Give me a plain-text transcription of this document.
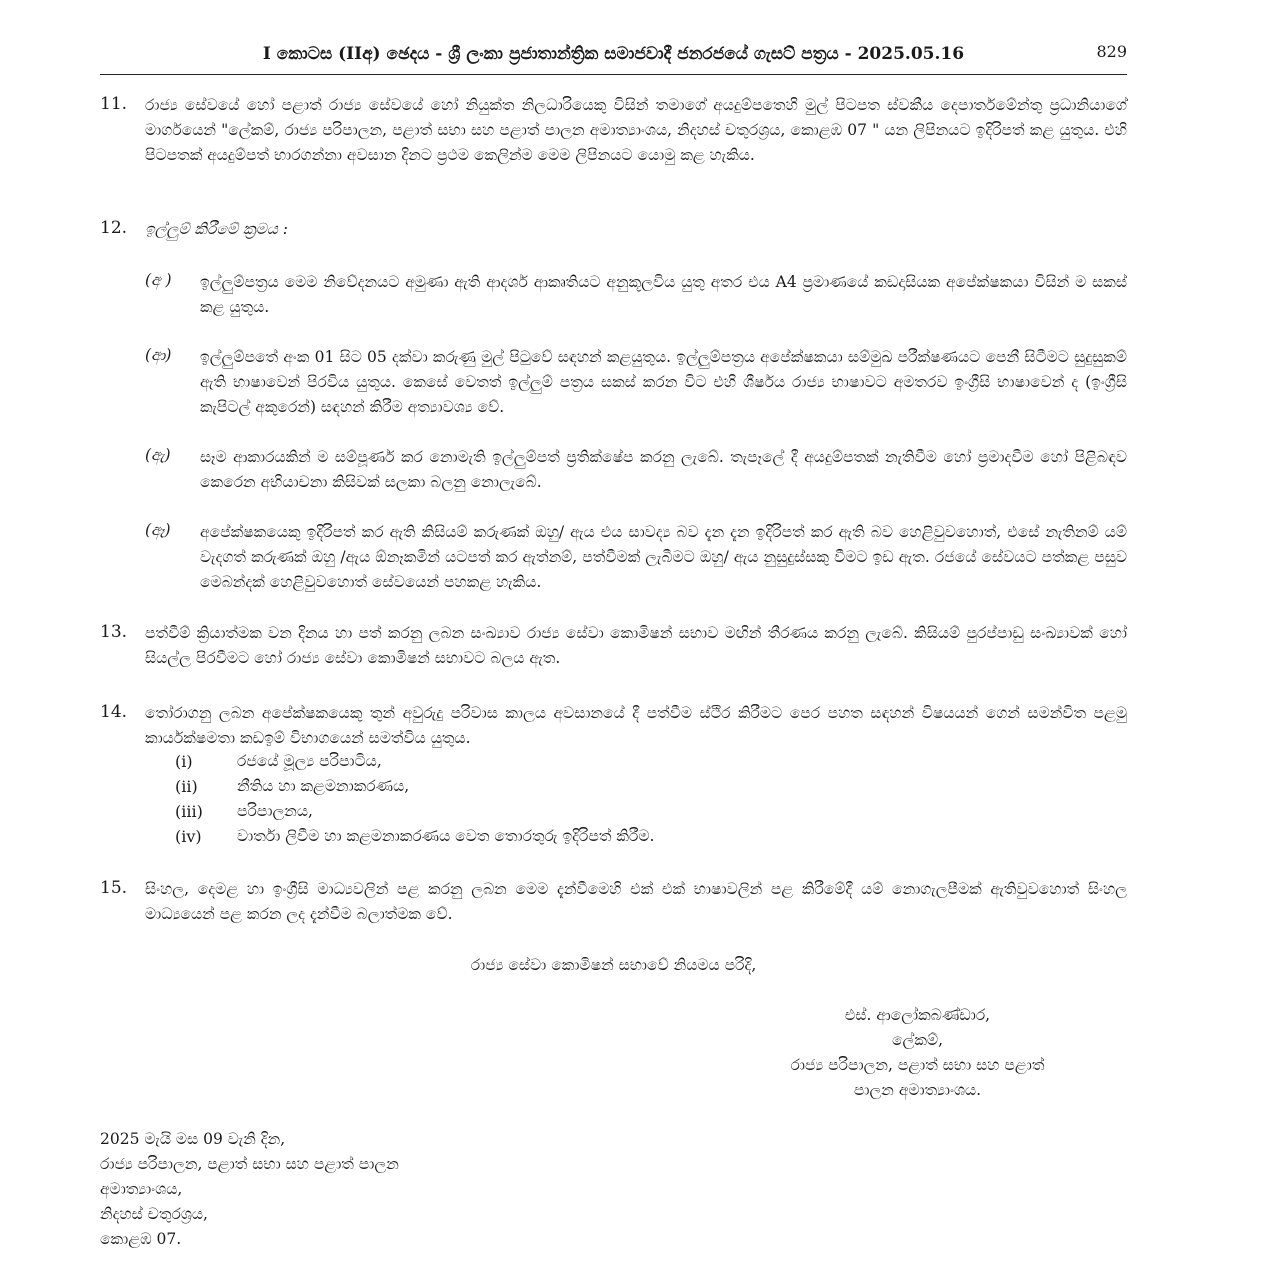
I කොටස (IIඅ) ඡෙදය - ශ්‍රී ලංකා ප්‍රජාතාන්ත්‍රික සමාජවාදී ජනරජයේ ගැසට් පත්‍රය - 2025.05.16	829
11. රාජ්‍ය සේවයේ හෝ පළාත් රාජ්‍ය සේවයේ හෝ නියුක්ත නිලධාරියෙකු විසින් තමාගේ අයදුම්පතෙහි මුල් පිටපත ස්වකීය දෙපාර්තමේන්තු ප්‍රධානියාගේ මාර්ගයෙන් "ලේකම්, රාජ්‍ය පරිපාලන, පළාත් සභා සහ පළාත් පාලන අමාත්‍යාංශය, නිදහස් චතුරශ්‍රය, කොළඹ 07 " යන ලිපිනයට ඉදිරිපත් කළ යුතුය. එහි පිටපතක් අයදුම්පත් භාරගන්නා අවසාන දිනට ප්‍රථම කෙලින්ම මෙම ලිපිනයට යොමු කළ හැකිය.
12. ඉල්ලුම් කිරීමේ ක්‍රමය :
(අ ) ඉල්ලුම්පත්‍රය මෙම නිවේදනයට අමුණා ඇති ආදර්ශ ආකෘතියට අනුකූලවිය යුතු අතර එය A4 ප්‍රමාණයේ කඩදාසියක අපේක්ෂකයා විසින් ම සකස් කළ යුතුය.
(ආ) ඉල්ලුම්පතේ අංක 01 සිට 05 දක්වා කරුණු මුල් පිටුවේ සඳහන් කළයුතුය. ඉල්ලුම්පත්‍රය අපේක්ෂකයා සම්මුඛ පරීක්ෂණයට පෙනී සිටීමට සුදුසුකම් ඇති භාෂාවෙන් පිරවිය යුතුය. කෙසේ වෙතත් ඉල්ලුම් පත්‍රය සකස් කරන විට එහි ශීර්ෂය රාජ්‍ය භාෂාවට අමතරව ඉංග්‍රීසි භාෂාවෙන් ද (ඉංග්‍රීසි කැපිටල් අකුරෙන්) සඳහන් කිරීම අත්‍යාවශ්‍ය වේ.
(ඇ) සෑම ආකාරයකින් ම සම්පූර්ණ කර නොමැති ඉල්ලුම්පත් ප්‍රතික්ෂේප කරනු ලැබේ. තැපෑලේ දී අයදුම්පතක් නැතිවීම හෝ ප්‍රමාදවීම හෝ පිළිබඳව කෙරෙන අභියාචනා කිසිවක් සලකා බලනු නොලැබේ.
(ඈ) අපේක්ෂකයෙකු ඉදිරිපත් කර ඇති කිසියම් කරුණක් ඔහු/ ඇය එය සාවද්‍ය බව දැන දැන ඉදිරිපත් කර ඇති බව හෙළිවුවහොත්, එසේ නැතිනම් යම් වැදගත් කරුණක් ඔහු /ඇය ඕනෑකමින් යටපත් කර ඇත්නම්, පත්වීමක් ලැබීමට ඔහු/ ඇය නුසුදුස්සකු වීමට ඉඩ ඇත. රජයේ සේවයට පත්කළ පසුව මෙබන්දක් හෙළිවුවහොත් සේවයෙන් පහකළ හැකිය.
13. පත්වීම් ක්‍රියාත්මක වන දිනය හා පත් කරනු ලබන සංඛ්‍යාව රාජ්‍ය සේවා කොමිෂන් සභාව මඟින් තීරණය කරනු ලැබේ. කිසියම් පුරප්පාඩු සංඛ්‍යාවක් හෝ සියල්ල පිරවීමට හෝ රාජ්‍ය සේවා කොමිෂන් සභාවට බලය ඇත.
14. තෝරාගනු ලබන අපේක්ෂකයෙකු තුන් අවුරුදු පරිවාස කාලය අවසානයේ දී පත්වීම ස්ථිර කිරීමට පෙර පහත සඳහන් විෂයයන් ගෙන් සමන්විත පළමු කාර්යක්ෂමතා කඩඉම් විභාගයෙන් සමත්විය යුතුය.
(i)	රජයේ මූල්‍ය පරිපාටිය,
(ii)	නීතිය හා කළමනාකරණය,
(iii) පරිපාලනය,
(iv) වාර්තා ලිවීම හා කළමනාකරණය වෙත තොරතුරු ඉදිරිපත් කිරීම.
15. සිංහල, දෙමළ හා ඉංග්‍රීසි මාධ්‍යවලින් පළ කරනු ලබන මෙම දැන්වීමෙහි එක් එක් භාෂාවලින් පළ කිරීමේදී යම් නොගැලපීමක් ඇතිවුවහොත් සිංහල මාධ්‍යයෙන් පළ කරන ලද දැන්වීම බලාත්මක වේ.
රාජ්‍ය සේවා කොමිෂන් සභාවේ නියමය පරිදි,
එස්. ආලෝකබණ්ඩාර,
ලේකම්,
රාජ්‍ය පරිපාලන, පළාත් සභා සහ පළාත්
පාලන අමාත්‍යාංශය.
2025 මැයි මස 09 වැනි දින,
රාජ්‍ය පරිපාලන, පළාත් සභා සහ පළාත් පාලන
අමාත්‍යාංශය,
නිදහස් චතුරශ්‍රය,
කොළඹ 07.
